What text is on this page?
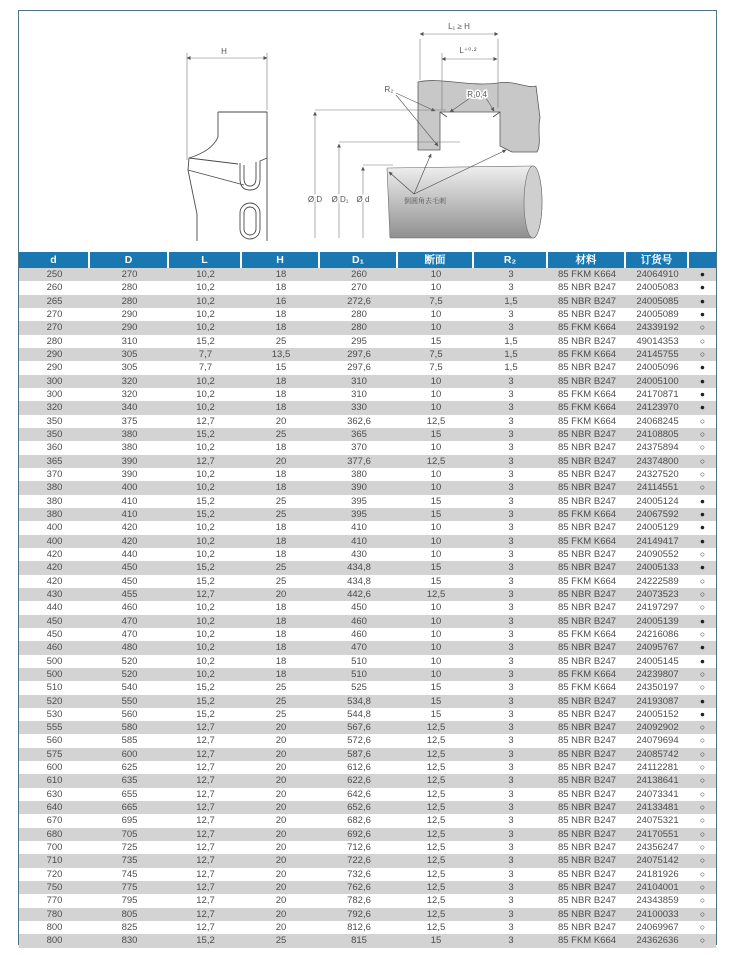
H
L₁ ≥ H
L⁺⁰·²
R₁0,4
R₂
Ø D Ø D₁ Ø d	倒圆角去毛刺
d	D	L	H	D₁	断面	R₂	材料	订货号
250	270	10,2	18	260	10	3	85 FKM K664	24064910	●
260	280	10,2	18	270	10	3	85 NBR B247	24005083	●
265	280	10,2	16	272,6	7,5	1,5	85 NBR B247	24005085	●
270	290	10,2	18	280	10	3	85 NBR B247	24005089	●
270	290	10,2	18	280	10	3	85 FKM K664	24339192	○
280	310	15,2	25	295	15	1,5	85 NBR B247	49014353	○
290	305	7,7	13,5	297,6	7,5	1,5	85 FKM K664	24145755	○
290	305	7,7	15	297,6	7,5	1,5	85 NBR B247	24005096	●
300	320	10,2	18	310	10	3	85 NBR B247	24005100	●
300	320	10,2	18	310	10	3	85 FKM K664	24170871	●
320	340	10,2	18	330	10	3	85 FKM K664	24123970	●
350	375	12,7	20	362,6	12,5	3	85 FKM K664	24068245	○
350	380	15,2	25	365	15	3	85 NBR B247	24108805	○
360	380	10,2	18	370	10	3	85 NBR B247	24375894	○
365	390	12,7	20	377,6	12,5	3	85 NBR B247	24374800	○
370	390	10,2	18	380	10	3	85 NBR B247	24327520	○
380	400	10,2	18	390	10	3	85 NBR B247	24114551	○
380	410	15,2	25	395	15	3	85 NBR B247	24005124	●
380	410	15,2	25	395	15	3	85 FKM K664	24067592	●
400	420	10,2	18	410	10	3	85 NBR B247	24005129	●
400	420	10,2	18	410	10	3	85 FKM K664	24149417	●
420	440	10,2	18	430	10	3	85 NBR B247	24090552	○
420	450	15,2	25	434,8	15	3	85 NBR B247	24005133	●
420	450	15,2	25	434,8	15	3	85 FKM K664	24222589	○
430	455	12,7	20	442,6	12,5	3	85 NBR B247	24073523	○
440	460	10,2	18	450	10	3	85 NBR B247	24197297	○
450	470	10,2	18	460	10	3	85 NBR B247	24005139	●
450	470	10,2	18	460	10	3	85 FKM K664	24216086	○
460	480	10,2	18	470	10	3	85 NBR B247	24095767	●
500	520	10,2	18	510	10	3	85 NBR B247	24005145	●
500	520	10,2	18	510	10	3	85 FKM K664	24239807	○
510	540	15,2	25	525	15	3	85 FKM K664	24350197	○
520	550	15,2	25	534,8	15	3	85 NBR B247	24193087	●
530	560	15,2	25	544,8	15	3	85 NBR B247	24005152	●
555	580	12,7	20	567,6	12,5	3	85 NBR B247	24092902	○
560	585	12,7	20	572,6	12,5	3	85 NBR B247	24079694	○
575	600	12,7	20	587,6	12,5	3	85 NBR B247	24085742	○
600	625	12,7	20	612,6	12,5	3	85 NBR B247	24112281	○
610	635	12,7	20	622,6	12,5	3	85 NBR B247	24138641	○
630	655	12,7	20	642,6	12,5	3	85 NBR B247	24073341	○
640	665	12,7	20	652,6	12,5	3	85 NBR B247	24133481	○
670	695	12,7	20	682,6	12,5	3	85 NBR B247	24075321	○
680	705	12,7	20	692,6	12,5	3	85 NBR B247	24170551	○
700	725	12,7	20	712,6	12,5	3	85 NBR B247	24356247	○
710	735	12,7	20	722,6	12,5	3	85 NBR B247	24075142	○
720	745	12,7	20	732,6	12,5	3	85 NBR B247	24181926	○
750	775	12,7	20	762,6	12,5	3	85 NBR B247	24104001	○
770	795	12,7	20	782,6	12,5	3	85 NBR B247	24343859	○
780	805	12,7	20	792,6	12,5	3	85 NBR B247	24100033	○
800	825	12,7	20	812,6	12,5	3	85 NBR B247	24069967	○
800	830	15,2	25	815	15	3	85 FKM K664	24362636	○
